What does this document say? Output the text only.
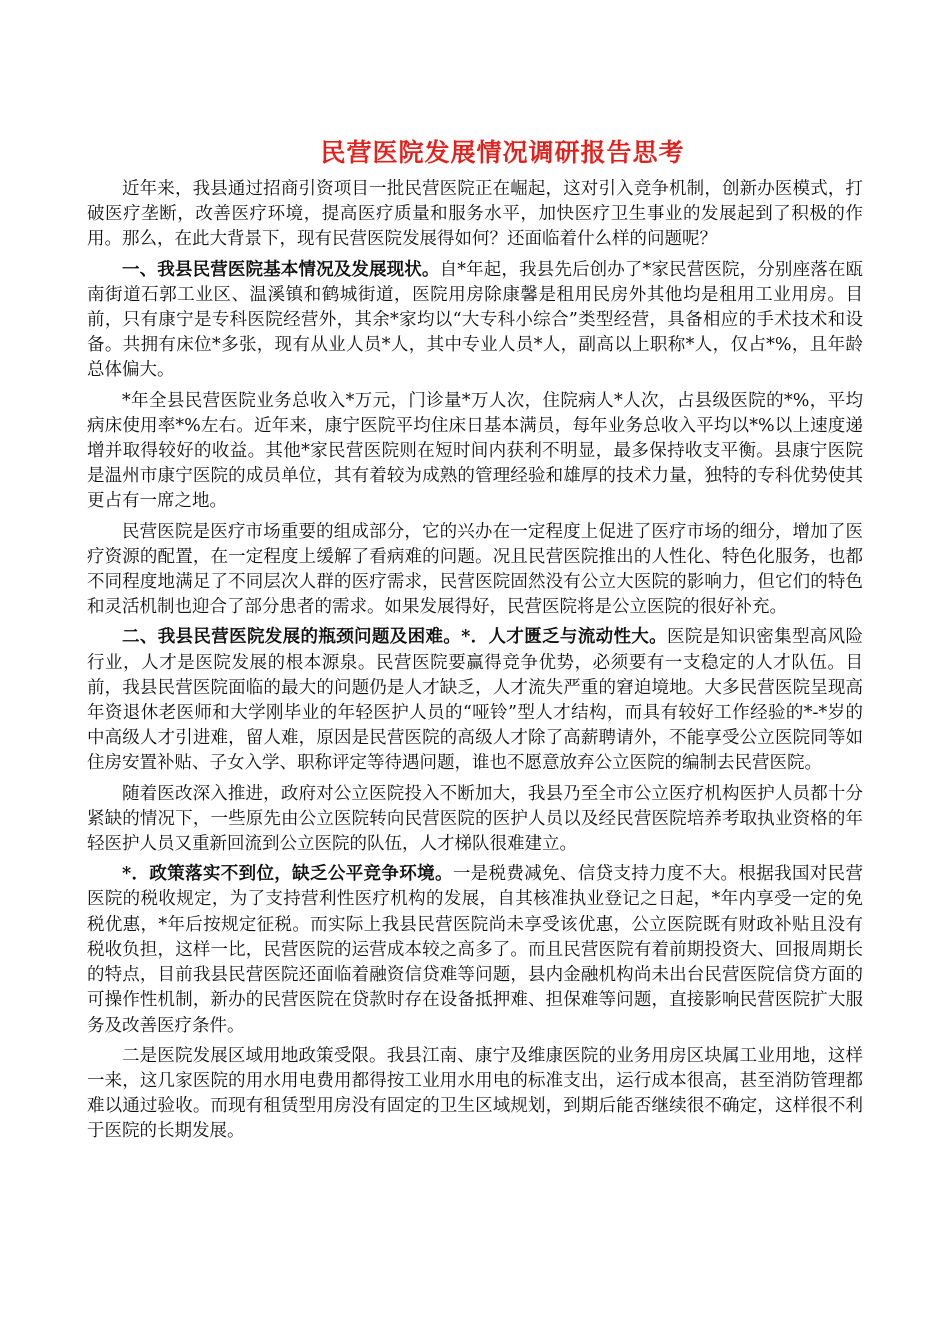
民营医院发展情况调研报告思考

近年来，我县通过招商引资项目一批民营医院正在崛起，这对引入竞争机制，创新办医模式，打破医疗垄断，改善医疗环境，提高医疗质量和服务水平，加快医疗卫生事业的发展起到了积极的作用。那么，在此大背景下，现有民营医院发展得如何？还面临着什么样的问题呢？

一、我县民营医院基本情况及发展现状。自*年起，我县先后创办了*家民营医院，分别座落在瓯南街道石郭工业区、温溪镇和鹤城街道，医院用房除康馨是租用民房外其他均是租用工业用房。目前，只有康宁是专科医院经营外，其余*家均以“大专科小综合”类型经营，具备相应的手术技术和设备。共拥有床位*多张，现有从业人员*人，其中专业人员*人，副高以上职称*人，仅占*%，且年龄总体偏大。

*年全县民营医院业务总收入*万元，门诊量*万人次，住院病人*人次，占县级医院的*%，平均病床使用率*%左右。近年来，康宁医院平均住床日基本满员，每年业务总收入平均以*%以上速度递增并取得较好的收益。其他*家民营医院则在短时间内获利不明显，最多保持收支平衡。县康宁医院是温州市康宁医院的成员单位，其有着较为成熟的管理经验和雄厚的技术力量，独特的专科优势使其更占有一席之地。

民营医院是医疗市场重要的组成部分，它的兴办在一定程度上促进了医疗市场的细分，增加了医疗资源的配置，在一定程度上缓解了看病难的问题。况且民营医院推出的人性化、特色化服务，也都不同程度地满足了不同层次人群的医疗需求，民营医院固然没有公立大医院的影响力，但它们的特色和灵活机制也迎合了部分患者的需求。如果发展得好，民营医院将是公立医院的很好补充。

二、我县民营医院发展的瓶颈问题及困难。*．人才匮乏与流动性大。医院是知识密集型高风险行业，人才是医院发展的根本源泉。民营医院要赢得竞争优势，必须要有一支稳定的人才队伍。目前，我县民营医院面临的最大的问题仍是人才缺乏，人才流失严重的窘迫境地。大多民营医院呈现高年资退休老医师和大学刚毕业的年轻医护人员的“哑铃”型人才结构，而具有较好工作经验的*-*岁的中高级人才引进难，留人难，原因是民营医院的高级人才除了高薪聘请外，不能享受公立医院同等如住房安置补贴、子女入学、职称评定等待遇问题，谁也不愿意放弃公立医院的编制去民营医院。

随着医改深入推进，政府对公立医院投入不断加大，我县乃至全市公立医疗机构医护人员都十分紧缺的情况下，一些原先由公立医院转向民营医院的医护人员以及经民营医院培养考取执业资格的年轻医护人员又重新回流到公立医院的队伍，人才梯队很难建立。

*．政策落实不到位，缺乏公平竞争环境。一是税费减免、信贷支持力度不大。根据我国对民营医院的税收规定，为了支持营利性医疗机构的发展，自其核准执业登记之日起，*年内享受一定的免税优惠，*年后按规定征税。而实际上我县民营医院尚未享受该优惠，公立医院既有财政补贴且没有税收负担，这样一比，民营医院的运营成本较之高多了。而且民营医院有着前期投资大、回报周期长的特点，目前我县民营医院还面临着融资信贷难等问题，县内金融机构尚未出台民营医院信贷方面的可操作性机制，新办的民营医院在贷款时存在设备抵押难、担保难等问题，直接影响民营医院扩大服务及改善医疗条件。

二是医院发展区域用地政策受限。我县江南、康宁及维康医院的业务用房区块属工业用地，这样一来，这几家医院的用水用电费用都得按工业用水用电的标准支出，运行成本很高，甚至消防管理都难以通过验收。而现有租赁型用房没有固定的卫生区域规划，到期后能否继续很不确定，这样很不利于医院的长期发展。
